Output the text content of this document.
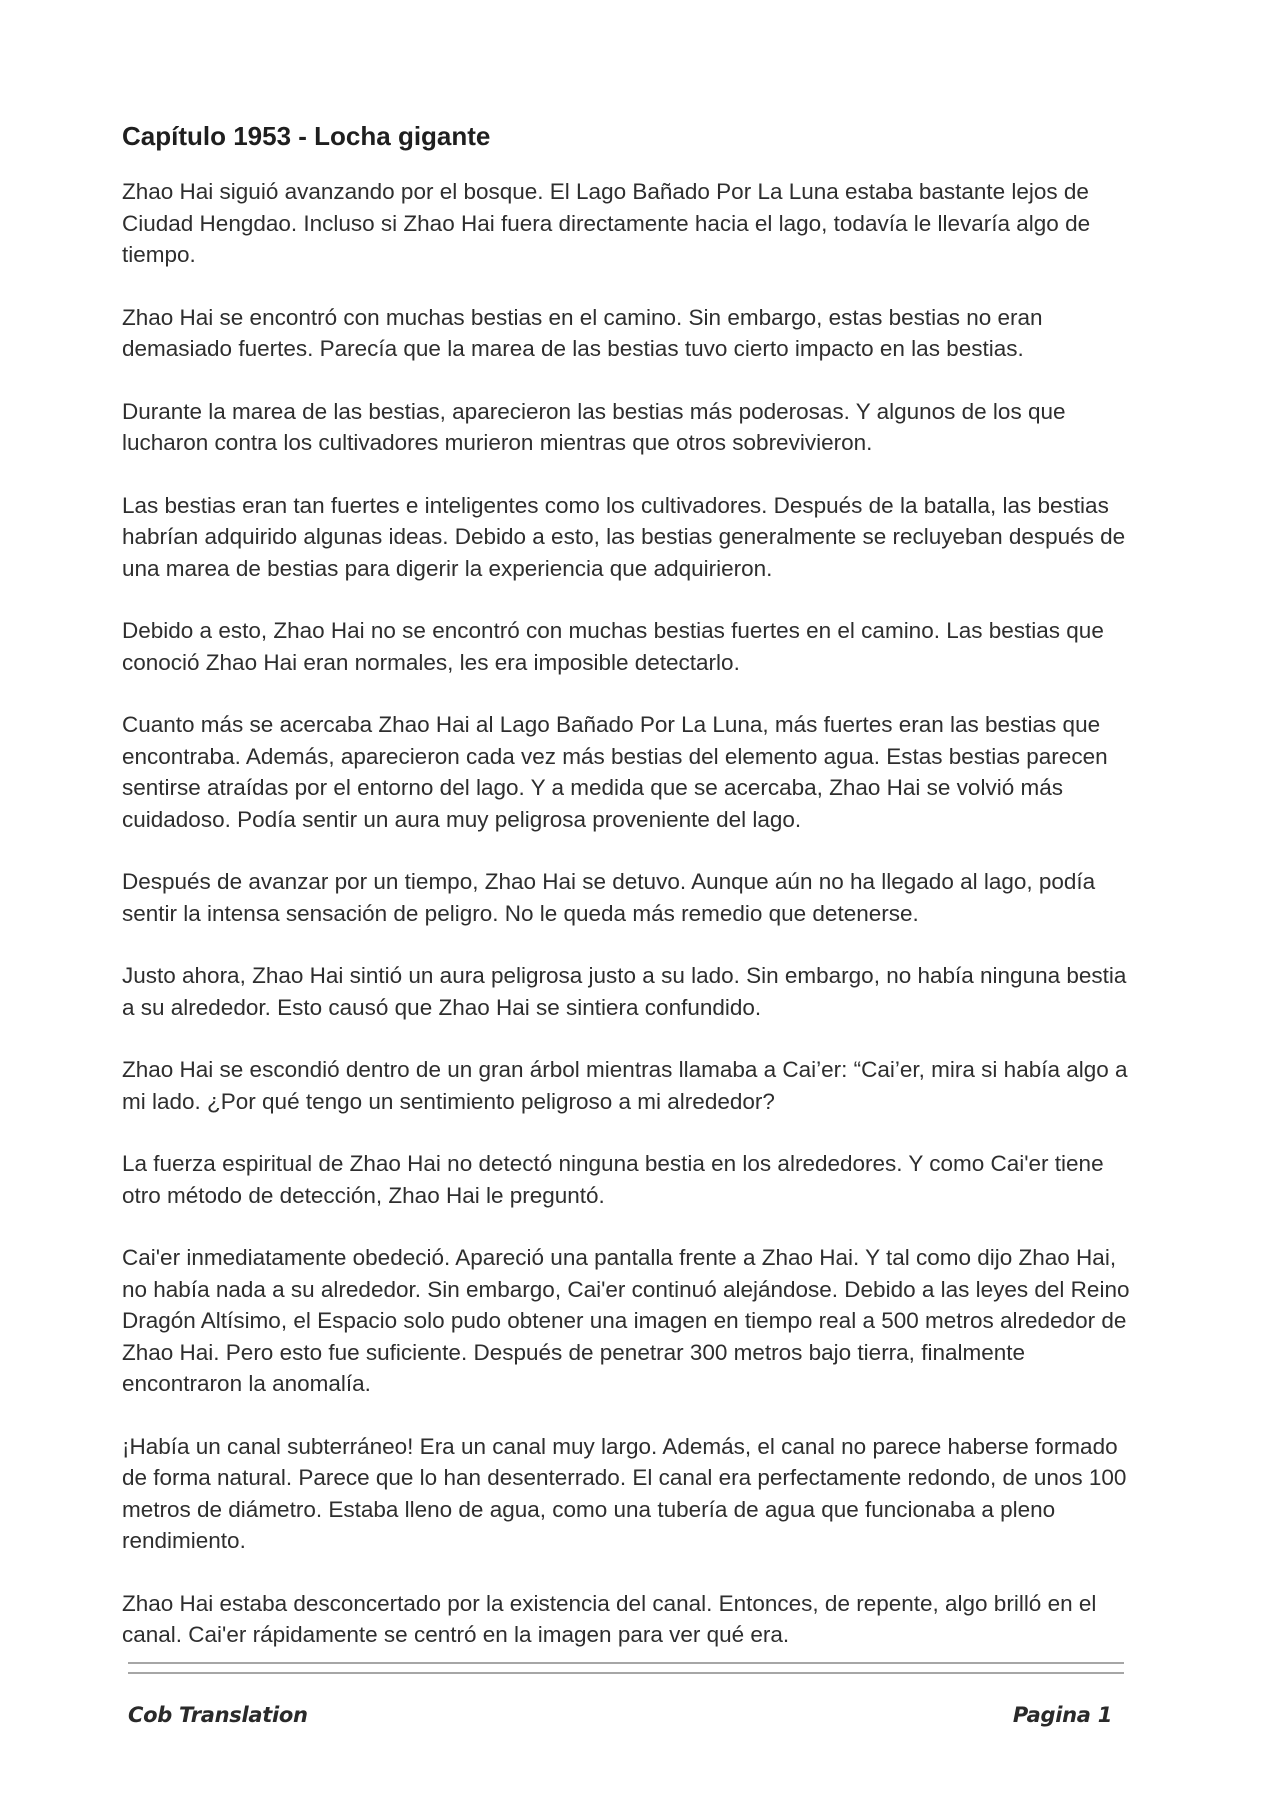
Capítulo 1953 - Locha gigante

Zhao Hai siguió avanzando por el bosque. El Lago Bañado Por La Luna estaba bastante lejos de Ciudad Hengdao. Incluso si Zhao Hai fuera directamente hacia el lago, todavía le llevaría algo de tiempo.

Zhao Hai se encontró con muchas bestias en el camino. Sin embargo, estas bestias no eran demasiado fuertes. Parecía que la marea de las bestias tuvo cierto impacto en las bestias.

Durante la marea de las bestias, aparecieron las bestias más poderosas. Y algunos de los que lucharon contra los cultivadores murieron mientras que otros sobrevivieron.

Las bestias eran tan fuertes e inteligentes como los cultivadores. Después de la batalla, las bestias habrían adquirido algunas ideas. Debido a esto, las bestias generalmente se recluyeban después de una marea de bestias para digerir la experiencia que adquirieron.

Debido a esto, Zhao Hai no se encontró con muchas bestias fuertes en el camino. Las bestias que conoció Zhao Hai eran normales, les era imposible detectarlo.

Cuanto más se acercaba Zhao Hai al Lago Bañado Por La Luna, más fuertes eran las bestias que encontraba. Además, aparecieron cada vez más bestias del elemento agua. Estas bestias parecen sentirse atraídas por el entorno del lago. Y a medida que se acercaba, Zhao Hai se volvió más cuidadoso. Podía sentir un aura muy peligrosa proveniente del lago.

Después de avanzar por un tiempo, Zhao Hai se detuvo. Aunque aún no ha llegado al lago, podía sentir la intensa sensación de peligro. No le queda más remedio que detenerse.

Justo ahora, Zhao Hai sintió un aura peligrosa justo a su lado. Sin embargo, no había ninguna bestia a su alrededor. Esto causó que Zhao Hai se sintiera confundido.

Zhao Hai se escondió dentro de un gran árbol mientras llamaba a Cai’er: “Cai’er, mira si había algo a mi lado. ¿Por qué tengo un sentimiento peligroso a mi alrededor?

La fuerza espiritual de Zhao Hai no detectó ninguna bestia en los alrededores. Y como Cai'er tiene otro método de detección, Zhao Hai le preguntó.

Cai'er inmediatamente obedeció. Apareció una pantalla frente a Zhao Hai. Y tal como dijo Zhao Hai, no había nada a su alrededor. Sin embargo, Cai'er continuó alejándose. Debido a las leyes del Reino Dragón Altísimo, el Espacio solo pudo obtener una imagen en tiempo real a 500 metros alrededor de Zhao Hai. Pero esto fue suficiente. Después de penetrar 300 metros bajo tierra, finalmente encontraron la anomalía.

¡Había un canal subterráneo! Era un canal muy largo. Además, el canal no parece haberse formado de forma natural. Parece que lo han desenterrado. El canal era perfectamente redondo, de unos 100 metros de diámetro. Estaba lleno de agua, como una tubería de agua que funcionaba a pleno rendimiento.

Zhao Hai estaba desconcertado por la existencia del canal. Entonces, de repente, algo brilló en el canal. Cai'er rápidamente se centró en la imagen para ver qué era.

Cob Translation	Pagina 1
